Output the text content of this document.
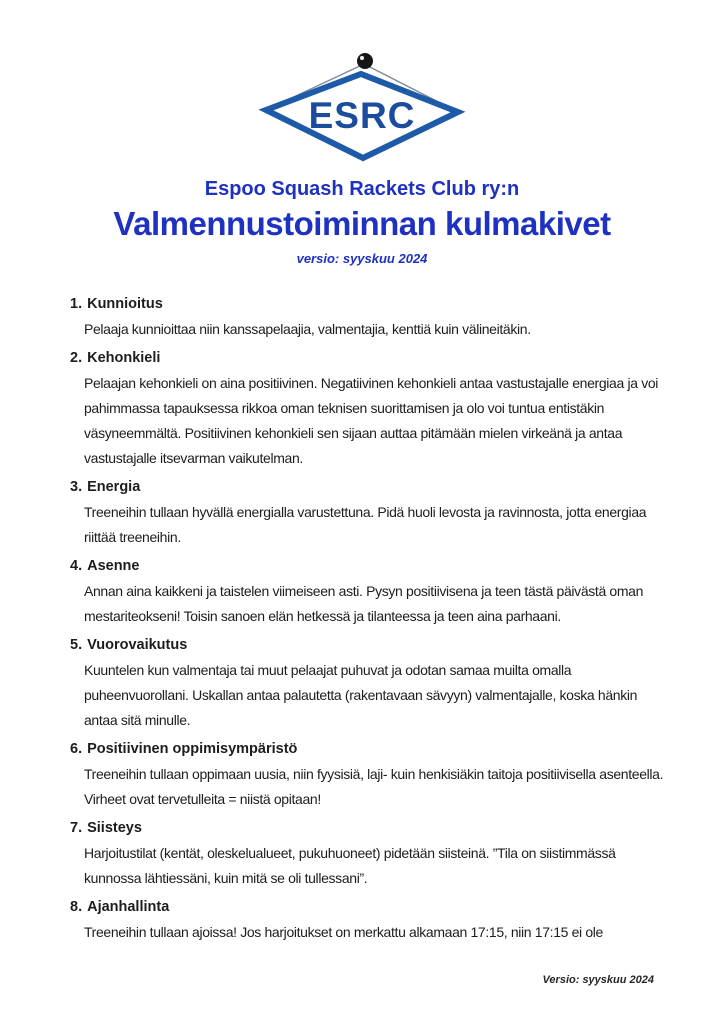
ESRC
Espoo Squash Rackets Club ry:n
Valmennustoiminnan kulmakivet
versio: syyskuu 2024
1. Kunnioitus
Pelaaja kunnioittaa niin kanssapelaajia, valmentajia, kenttiä kuin välineitäkin.
2. Kehonkieli
Pelaajan kehonkieli on aina positiivinen. Negatiivinen kehonkieli antaa vastustajalle energiaa ja voi pahimmassa tapauksessa rikkoa oman teknisen suorittamisen ja olo voi tuntua entistäkin väsyneemmältä. Positiivinen kehonkieli sen sijaan auttaa pitämään mielen virkeänä ja antaa vastustajalle itsevarman vaikutelman.
3. Energia
Treeneihin tullaan hyvällä energialla varustettuna. Pidä huoli levosta ja ravinnosta, jotta energiaa riittää treeneihin.
4. Asenne
Annan aina kaikkeni ja taistelen viimeiseen asti. Pysyn positiivisena ja teen tästä päivästä oman mestariteokseni! Toisin sanoen elän hetkessä ja tilanteessa ja teen aina parhaani.
5. Vuorovaikutus
Kuuntelen kun valmentaja tai muut pelaajat puhuvat ja odotan samaa muilta omalla puheenvuorollani. Uskallan antaa palautetta (rakentavaan sävyyn) valmentajalle, koska hänkin antaa sitä minulle.
6. Positiivinen oppimisympäristö
Treeneihin tullaan oppimaan uusia, niin fyysisiä, laji- kuin henkisiäkin taitoja positiivisella asenteella. Virheet ovat tervetulleita = niistä opitaan!
7. Siisteys
Harjoitustilat (kentät, oleskelualueet, pukuhuoneet) pidetään siisteinä. ”Tila on siistimmässä kunnossa lähtiessäni, kuin mitä se oli tullessani”.
8. Ajanhallinta
Treeneihin tullaan ajoissa! Jos harjoitukset on merkattu alkamaan 17:15, niin 17:15 ei ole
Versio: syyskuu 2024
